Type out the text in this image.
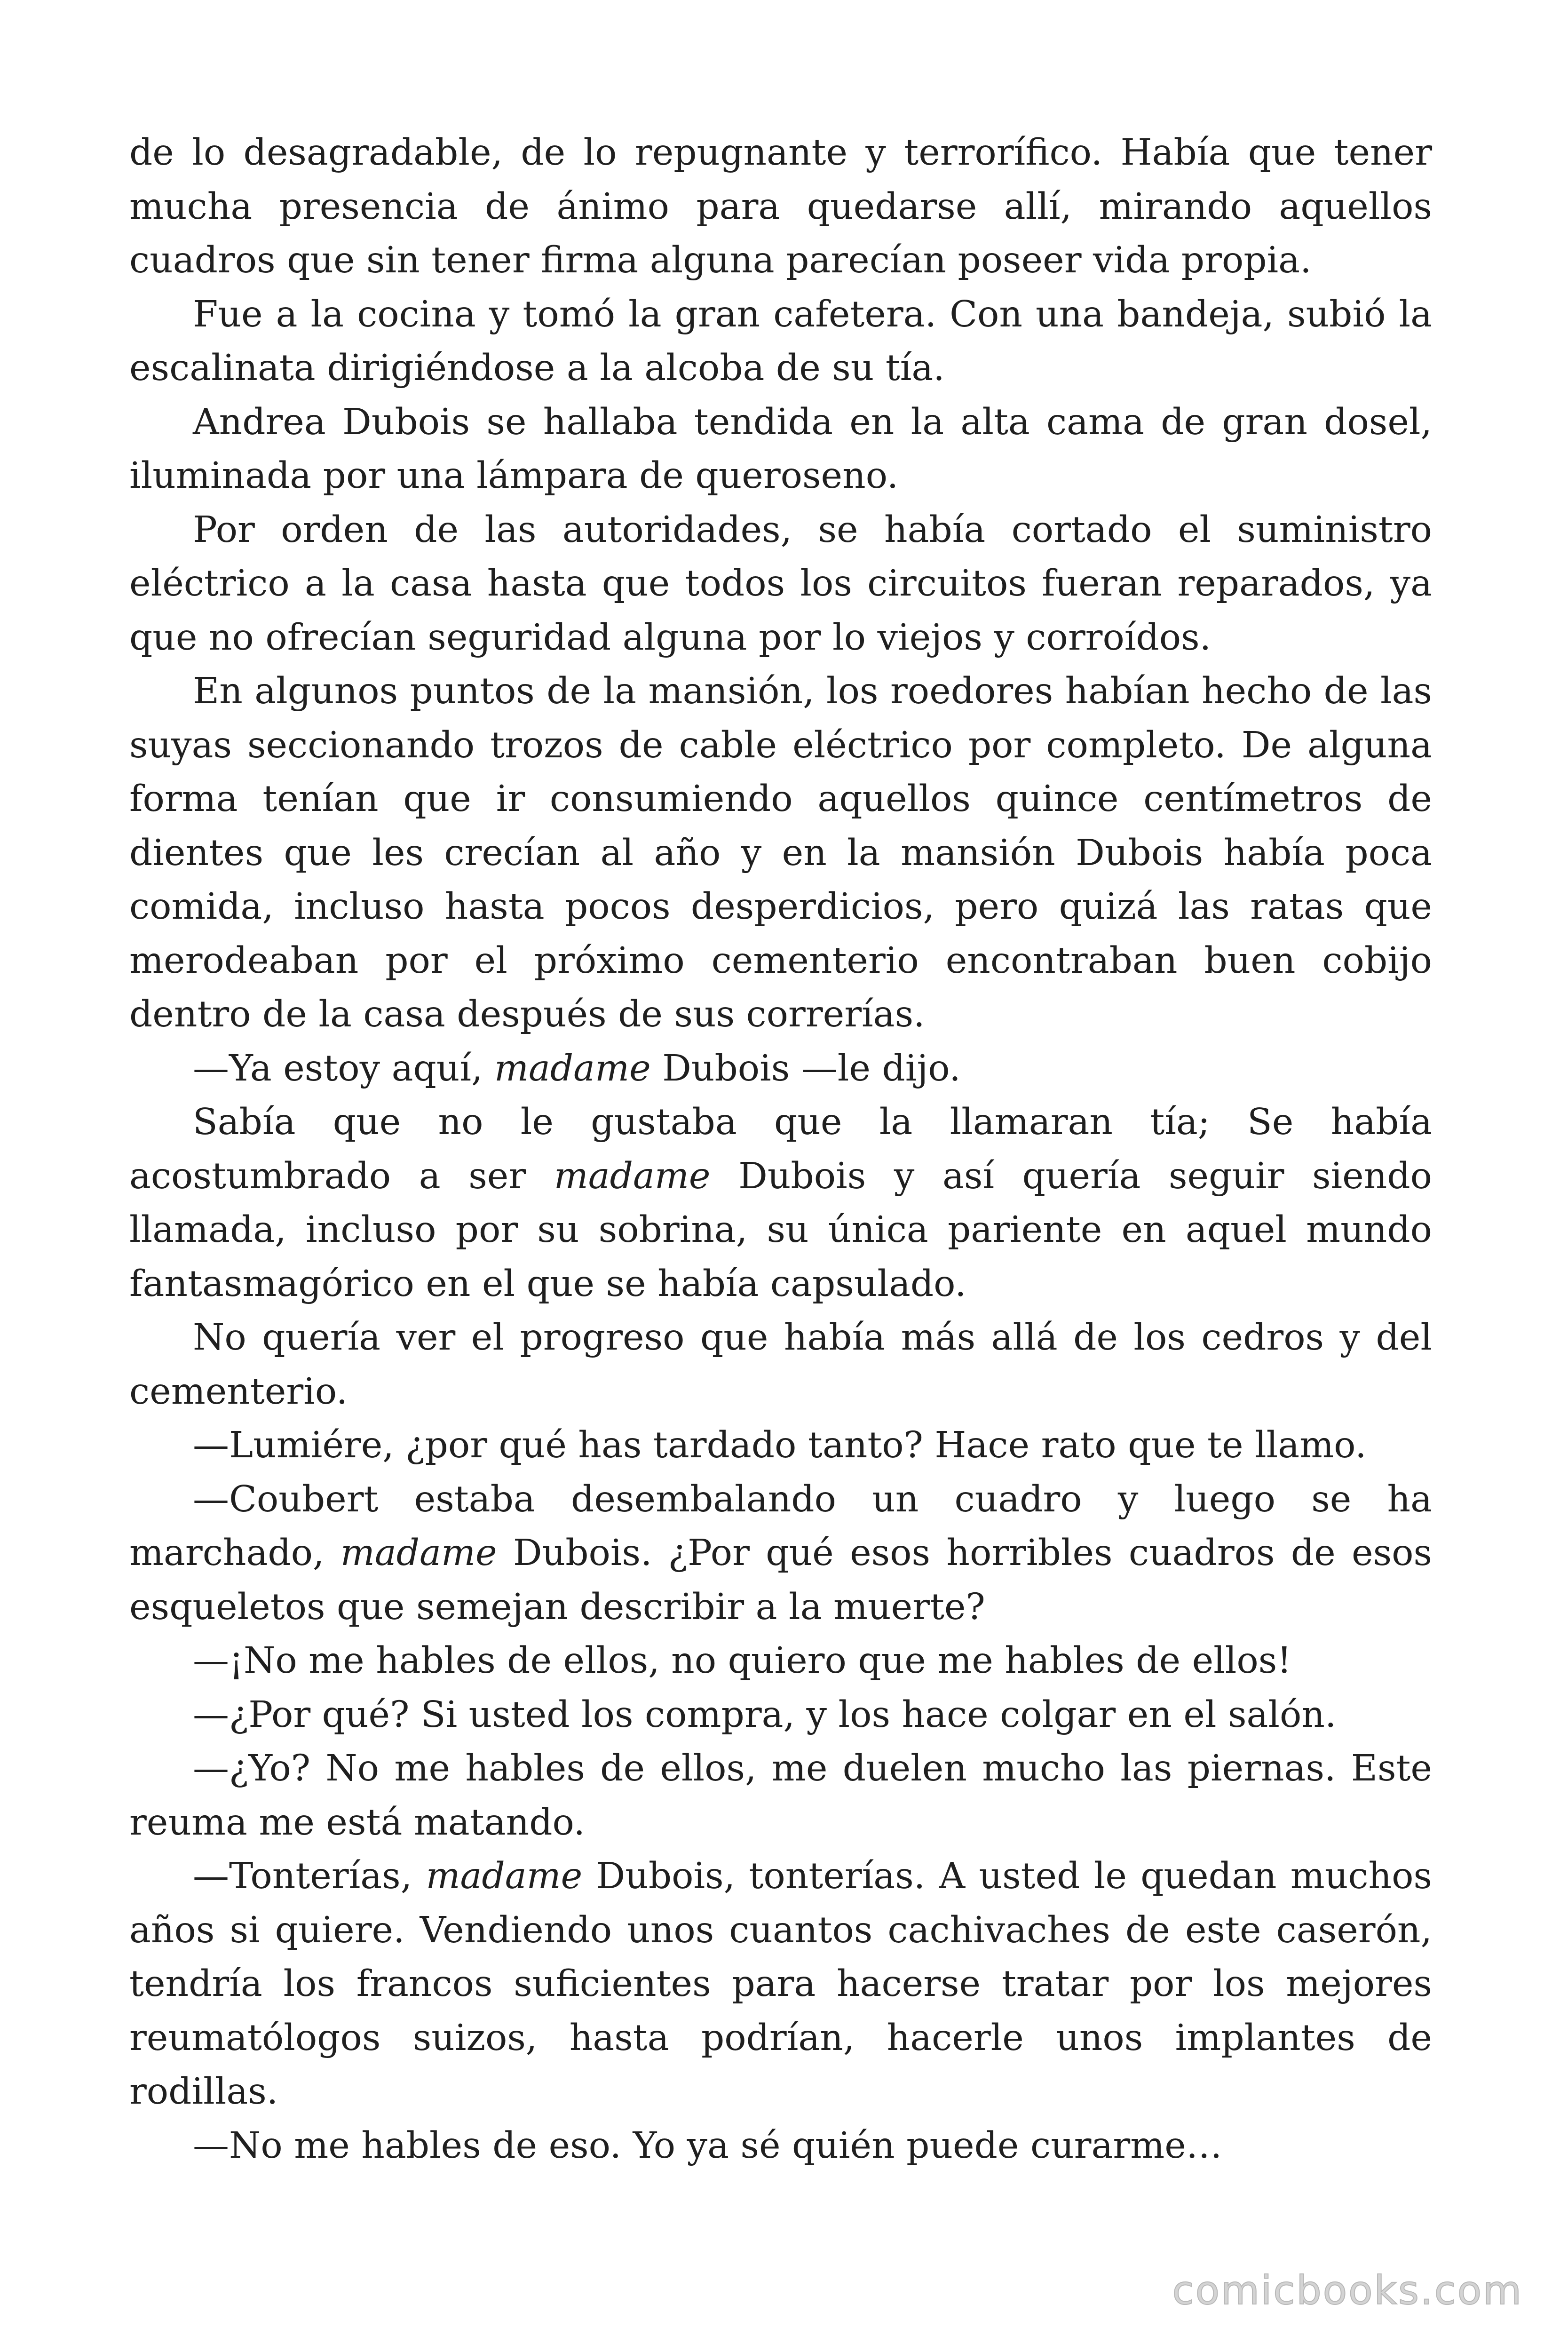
de lo desagradable, de lo repugnante y terrorífico. Había que tener mucha presencia de ánimo para quedarse allí, mirando aquellos cuadros que sin tener firma alguna parecían poseer vida propia.

Fue a la cocina y tomó la gran cafetera. Con una bandeja, subió la escalinata dirigiéndose a la alcoba de su tía.

Andrea Dubois se hallaba tendida en la alta cama de gran dosel, iluminada por una lámpara de queroseno.

Por orden de las autoridades, se había cortado el suministro eléctrico a la casa hasta que todos los circuitos fueran reparados, ya que no ofrecían seguridad alguna por lo viejos y corroídos.

En algunos puntos de la mansión, los roedores habían hecho de las suyas seccionando trozos de cable eléctrico por completo. De alguna forma tenían que ir consumiendo aquellos quince centímetros de dientes que les crecían al año y en la mansión Dubois había poca comida, incluso hasta pocos desperdicios, pero quizá las ratas que merodeaban por el próximo cementerio encontraban buen cobijo dentro de la casa después de sus correrías.

—Ya estoy aquí, madame Dubois —le dijo.

Sabía que no le gustaba que la llamaran tía; Se había acostumbrado a ser madame Dubois y así quería seguir siendo llamada, incluso por su sobrina, su única pariente en aquel mundo fantasmagórico en el que se había capsulado.

No quería ver el progreso que había más allá de los cedros y del cementerio.

—Lumiére, ¿por qué has tardado tanto? Hace rato que te llamo.

—Coubert estaba desembalando un cuadro y luego se ha marchado, madame Dubois. ¿Por qué esos horribles cuadros de esos esqueletos que semejan describir a la muerte?

—¡No me hables de ellos, no quiero que me hables de ellos!

—¿Por qué? Si usted los compra, y los hace colgar en el salón.

—¿Yo? No me hables de ellos, me duelen mucho las piernas. Este reuma me está matando.

—Tonterías, madame Dubois, tonterías. A usted le quedan muchos años si quiere. Vendiendo unos cuantos cachivaches de este caserón, tendría los francos suficientes para hacerse tratar por los mejores reumatólogos suizos, hasta podrían, hacerle unos implantes de rodillas.

—No me hables de eso. Yo ya sé quién puede curarme…

comicbooks.com
